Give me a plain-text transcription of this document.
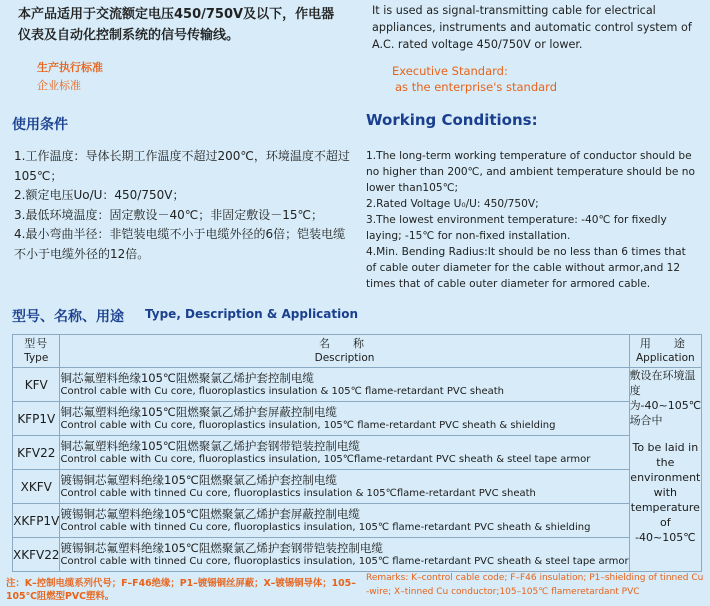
本产品适用于交流额定电压450/750V及以下，作电器仪表及自动化控制系统的信号传输线。
It is used as signal-transmitting cable for electrical appliances, instruments and automatic control system of A.C. rated voltage 450/750V or lower.
生产执行标准
企业标准
Executive Standard:
as the enterprise's standard
使用条件	Working Conditions:

1.工作温度：导体长期工作温度不超过200℃，环境温度不超过105℃；

2.额定电压Uo/U：450/750V；

3.最低环境温度：固定敷设－40℃；非固定敷设－15℃；

4.最小弯曲半径：非铠装电缆不小于电缆外径的6倍；铠装电缆不小于电缆外径的12倍。

1.The long-term working temperature of conductor should be no higher than 200℃, and ambient temperature should be no lower than105℃;

2.Rated Voltage U₀/U: 450/750V;

3.The lowest environment temperature: -40℃ for fixedly laying; -15℃ for non-fixed installation.

4.Min. Bending Radius:It should be no less than 6 times that of cable outer diameter for the cable without armor,and 12 times that of cable outer diameter for armored cable.

型号、名称、用途 Type, Description & Application
型号
Type	名　称
Description	用　途
Application

KFV	铜芯氟塑料绝缘105℃阻燃聚氯乙烯护套控制电缆
Control cable with Cu core, fluoroplastics insulation & 105℃ flame-retardant PVC sheath	敷设在环境温度为-40~105℃场合中
To be laid in the environment with temperature of -40~105℃

KFP1V	铜芯氟塑料绝缘105℃阻燃聚氯乙烯护套屏蔽控制电缆
Control cable with Cu core, fluoroplastics insulation, 105℃ flame-retardant PVC sheath & shielding	

KFV22	铜芯氟塑料绝缘105℃阻燃聚氯乙烯护套钢带铠装控制电缆
Control cable with Cu core, fluoroplastics insulation, 105℃flame-retardant PVC sheath & steel tape armor	

XKFV	镀锡铜芯氟塑料绝缘105℃阻燃聚氯乙烯护套控制电缆
Control cable with tinned Cu core, fluoroplastics insulation & 105℃flame-retardant PVC sheath	

XKFP1V	镀锡铜芯氟塑料绝缘105℃阻燃聚氯乙烯护套屏蔽控制电缆
Control cable with tinned Cu core, fluoroplastics insulation, 105℃ flame-retardant PVC sheath & shielding	

XKFV22	镀锡铜芯氟塑料绝缘105℃阻燃聚氯乙烯护套钢带铠装控制电缆
Control cable with tinned Cu core, fluoroplastics insulation, 105℃ flame-retardant PVC sheath & steel tape armor	
注：K–控制电缆系列代号；F–F46绝缘；P1–镀锡铜丝屏蔽；X–镀锡铜导体；105–105℃阻燃型PVC塑料。
Remarks: K–control cable code; F–F46 insulation; P1–shielding of tinned Cu -wire; X–tinned Cu conductor;105–105℃ flameretardant PVC
